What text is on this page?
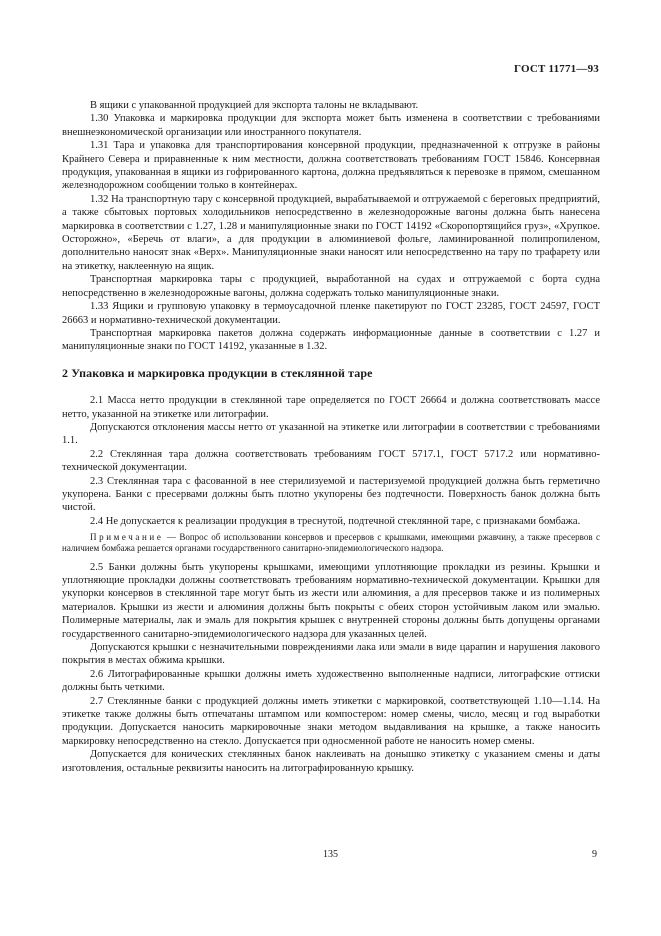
ГОСТ 11771—93

В ящики с упакованной продукцией для экспорта талоны не вкладывают.

1.30 Упаковка и маркировка продукции для экспорта может быть изменена в соответствии с требованиями внешнеэкономической организации или иностранного покупателя.

1.31 Тара и упаковка для транспортирования консервной продукции, предназначенной к отгрузке в районы Крайнего Севера и приравненные к ним местности, должна соответствовать требованиям ГОСТ 15846. Консервная продукция, упакованная в ящики из гофрированного картона, должна предъявляться к перевозке в прямом, смешанном железнодорожном сообщении только в контейнерах.

1.32 На транспортную тару с консервной продукцией, вырабатываемой и отгружаемой с береговых предприятий, а также сбытовых портовых холодильников непосредственно в железнодорожные вагоны должна быть нанесена маркировка в соответствии с 1.27, 1.28 и манипуляционные знаки по ГОСТ 14192 «Скоропортящийся груз», «Хрупкое. Осторожно», «Беречь от влаги», а для продукции в алюминиевой фольге, ламинированной полипропиленом, дополнительно наносят знак «Верх». Манипуляционные знаки наносят или непосредственно на тару по трафарету или на этикетку, наклеенную на ящик.

Транспортная маркировка тары с продукцией, выработанной на судах и отгружаемой с борта судна непосредственно в железнодорожные вагоны, должна содержать только манипуляционные знаки.

1.33 Ящики и групповую упаковку в термоусадочной пленке пакетируют по ГОСТ 23285, ГОСТ 24597, ГОСТ 26663 и нормативно-технической документации.

Транспортная маркировка пакетов должна содержать информационные данные в соответствии с 1.27 и манипуляционные знаки по ГОСТ 14192, указанные в 1.32.

2 Упаковка и маркировка продукции в стеклянной таре

2.1 Масса нетто продукции в стеклянной таре определяется по ГОСТ 26664 и должна соответствовать массе нетто, указанной на этикетке или литографии.

Допускаются отклонения массы нетто от указанной на этикетке или литографии в соответствии с требованиями 1.1.

2.2 Стеклянная тара должна соответствовать требованиям ГОСТ 5717.1, ГОСТ 5717.2 или нормативно-технической документации.

2.3 Стеклянная тара с фасованной в нее стерилизуемой и пастеризуемой продукцией должна быть герметично укупорена. Банки с пресервами должны быть плотно укупорены без подтечности. Поверхность банок должна быть чистой.

2.4 Не допускается к реализации продукция в треснутой, подтечной стеклянной таре, с признаками бомбажа.

Примечание — Вопрос об использовании консервов и пресервов с крышками, имеющими ржавчину, а также пресервов с наличием бомбажа решается органами государственного санитарно-эпидемиологического надзора.

2.5 Банки должны быть укупорены крышками, имеющими уплотняющие прокладки из резины. Крышки и уплотняющие прокладки должны соответствовать требованиям нормативно-технической документации. Крышки для укупорки консервов в стеклянной таре могут быть из жести или алюминия, а для пресервов также и из полимерных материалов. Крышки из жести и алюминия должны быть покрыты с обеих сторон устойчивым лаком или эмалью. Полимерные материалы, лак и эмаль для покрытия крышек с внутренней стороны должны быть допущены органами государственного санитарно-эпидемиологического надзора для указанных целей.

Допускаются крышки с незначительными повреждениями лака или эмали в виде царапин и нарушения лакового покрытия в местах обжима крышки.

2.6 Литографированные крышки должны иметь художественно выполненные надписи, литографские оттиски должны быть четкими.

2.7 Стеклянные банки с продукцией должны иметь этикетки с маркировкой, соответствующей 1.10—1.14. На этикетке также должны быть отпечатаны штампом или компостером: номер смены, число, месяц и год выработки продукции. Допускается наносить маркировочные знаки методом выдавливания на крышке, а также наносить маркировку непосредственно на стекло. Допускается при односменной работе не наносить номер смены.

Допускается для конических стеклянных банок наклеивать на донышко этикетку с указанием смены и даты изготовления, остальные реквизиты наносить на литографированную крышку.

135	9
